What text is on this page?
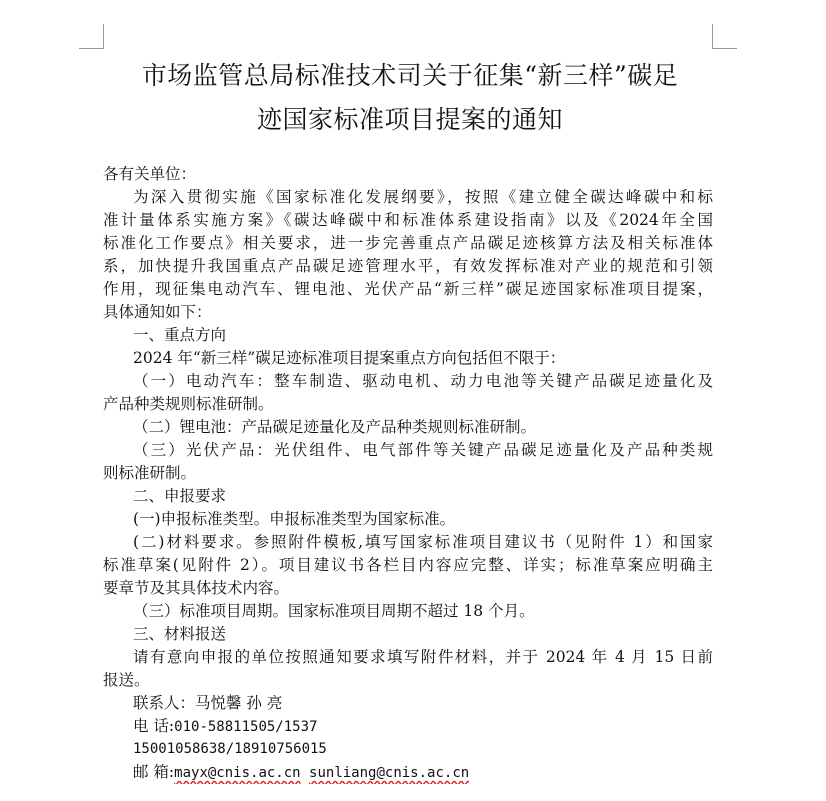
市场监管总局标准技术司关于征集“新三样”碳足
迹国家标准项目提案的通知
各有关单位：
为深入贯彻实施《国家标准化发展纲要》，按照《建立健全碳达峰碳中和标
准计量体系实施方案》《碳达峰碳中和标准体系建设指南》以及《2024年全国
标准化工作要点》相关要求，进一步完善重点产品碳足迹核算方法及相关标准体
系，加快提升我国重点产品碳足迹管理水平，有效发挥标准对产业的规范和引领
作用，现征集电动汽车、锂电池、光伏产品“新三样”碳足迹国家标准项目提案，
具体通知如下：
一、重点方向
2024 年“新三样”碳足迹标准项目提案重点方向包括但不限于：
（一）电动汽车：整车制造、驱动电机、动力电池等关键产品碳足迹量化及
产品种类规则标准研制。
（二）锂电池：产品碳足迹量化及产品种类规则标准研制。
（三）光伏产品：光伏组件、电气部件等关键产品碳足迹量化及产品种类规
则标准研制。
二、申报要求
(一)申报标准类型。申报标准类型为国家标准。
(二)材料要求。参照附件模板,填写国家标准项目建议书（见附件 1）和国家
标准草案(见附件 2）。项目建议书各栏目内容应完整、详实；标准草案应明确主
要章节及其具体技术内容。
（三）标准项目周期。国家标准项目周期不超过 18 个月。
三、材料报送
请有意向申报的单位按照通知要求填写附件材料，并于 2024 年 4 月 15 日前
报送。
联系人：马悦馨 孙 亮
电 话:010-58811505/1537
15001058638/18910756015
邮 箱:mayx@cnis.ac.cn sunliang@cnis.ac.cn
